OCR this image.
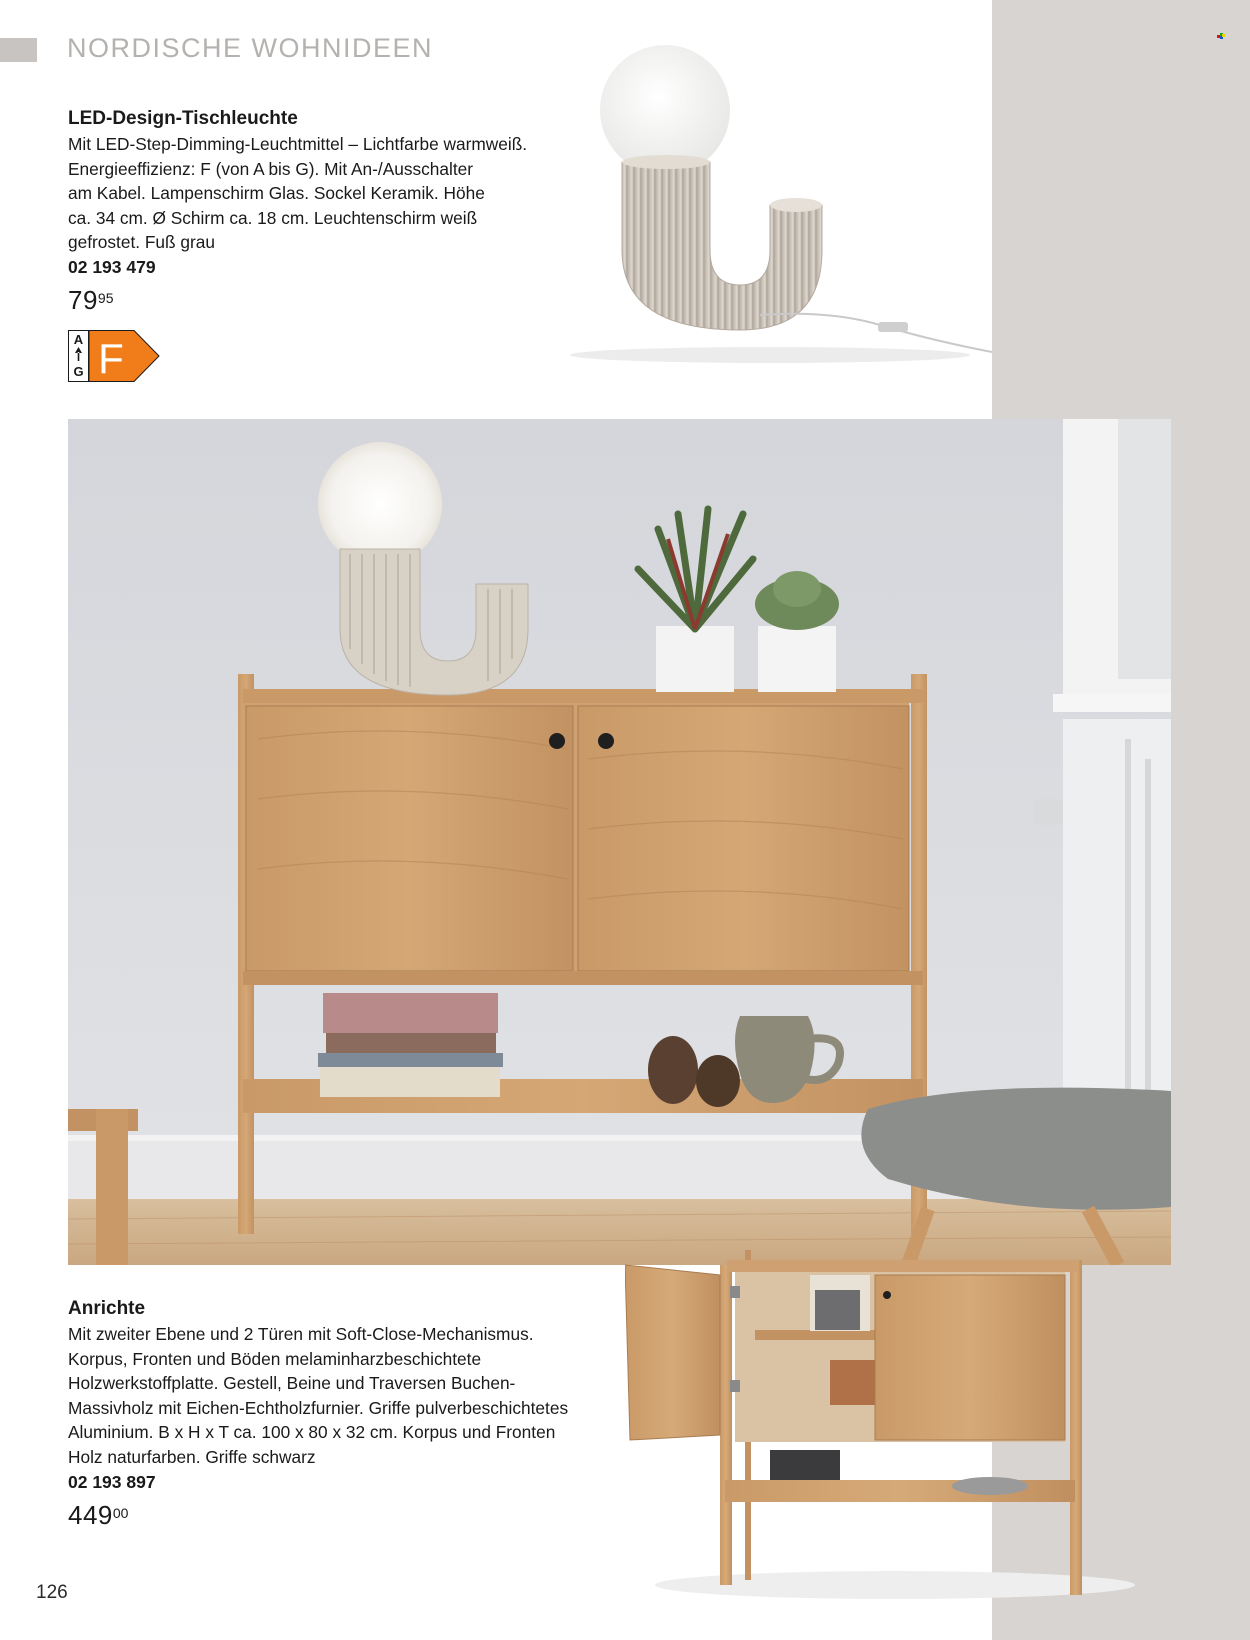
NORDISCHE WOHNIDEEN
LED-Design-Tischleuchte
Mit LED-Step-Dimming-Leuchtmittel – Lichtfarbe warmweiß.
Energieeffizienz: F (von A bis G). Mit An-/Ausschalter
am Kabel. Lampenschirm Glas. Sockel Keramik. Höhe
ca. 34 cm. Ø Schirm ca. 18 cm. Leuchtenschirm weiß
gefrostet. Fuß grau
02 193 479
$79^{95}$
A
G F
Anrichte
Mit zweiter Ebene und 2 Türen mit Soft-Close-Mechanismus.
Korpus, Fronten und Böden melaminharzbeschichtete
Holzwerkstoffplatte. Gestell, Beine und Traversen Buchen-
Massivholz mit Eichen-Echtholzfurnier. Griffe pulverbeschichtetes
Aluminium. B x H x T ca. 100 x 80 x 32 cm. Korpus und Fronten
Holz naturfarben. Griffe schwarz
02 193 897
$449^{00}$
126
